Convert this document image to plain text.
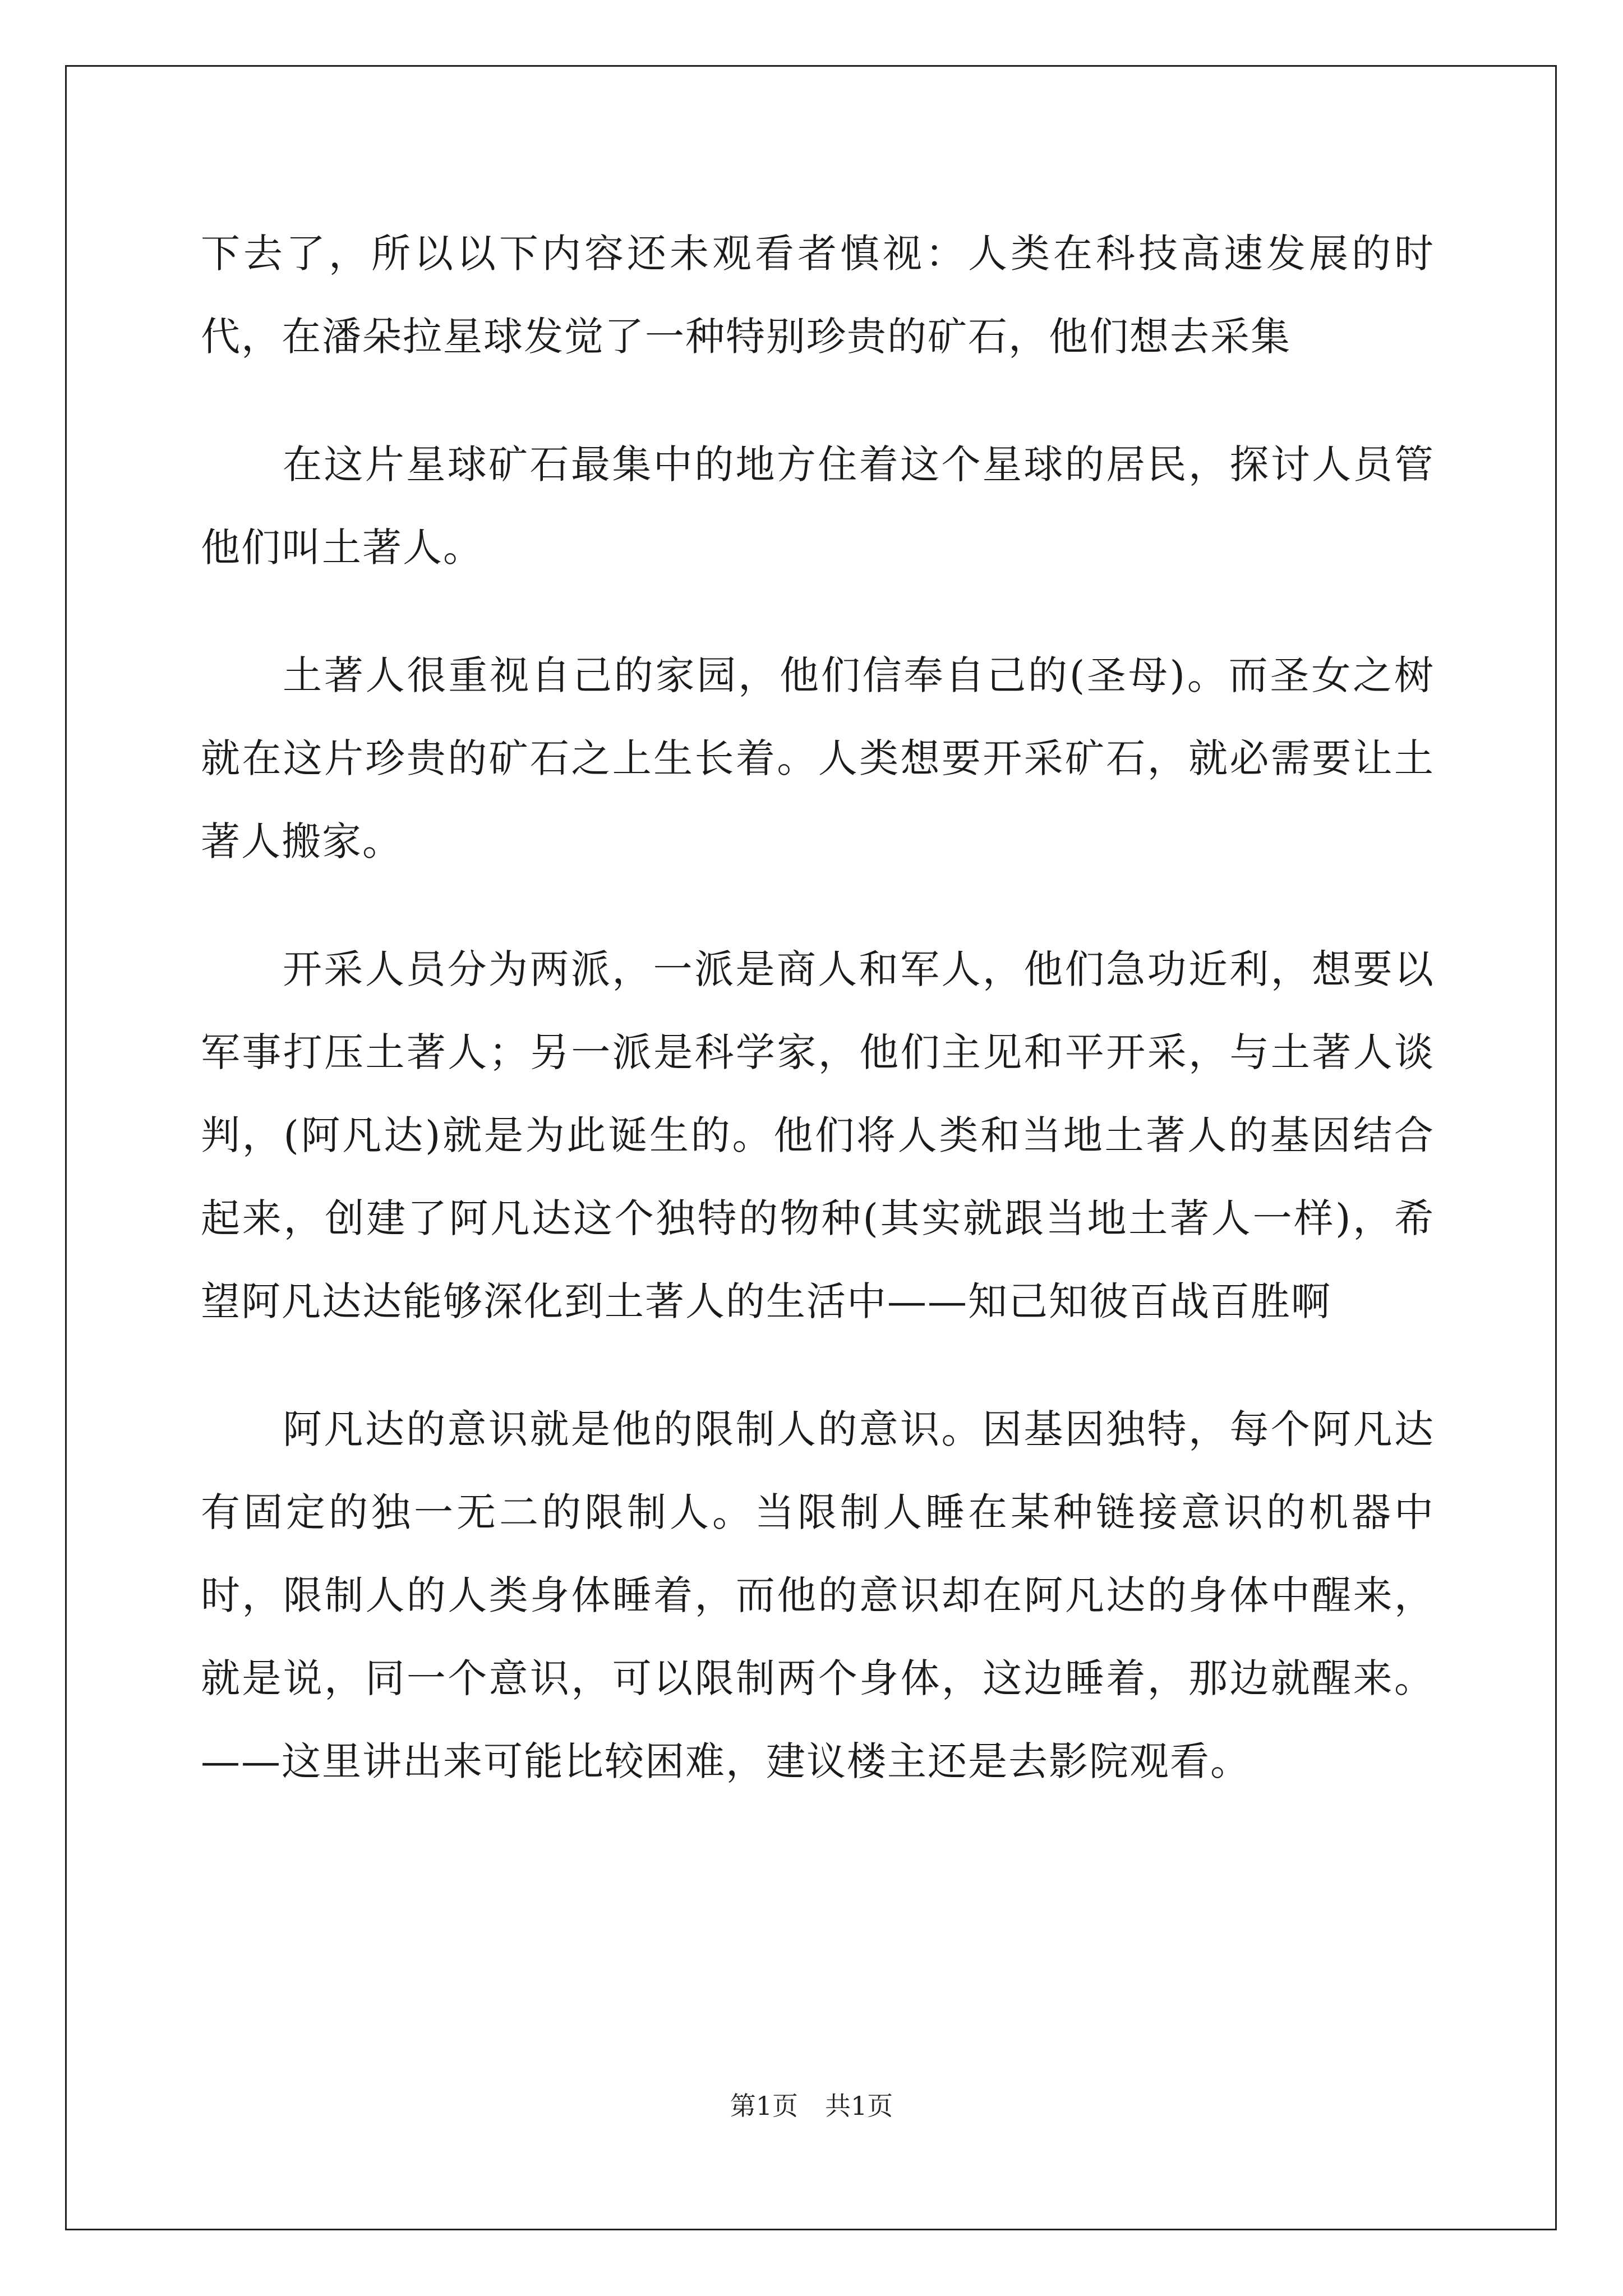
下去了，所以以下内容还未观看者慎视：人类在科技高速发展的时代，在潘朵拉星球发觉了一种特别珍贵的矿石，他们想去采集

在这片星球矿石最集中的地方住着这个星球的居民，探讨人员管他们叫土著人。

土著人很重视自己的家园，他们信奉自己的(圣母)。而圣女之树就在这片珍贵的矿石之上生长着。人类想要开采矿石，就必需要让土著人搬家。

开采人员分为两派，一派是商人和军人，他们急功近利，想要以军事打压土著人；另一派是科学家，他们主见和平开采，与土著人谈判，(阿凡达)就是为此诞生的。他们将人类和当地土著人的基因结合起来，创建了阿凡达这个独特的物种(其实就跟当地土著人一样)，希望阿凡达达能够深化到土著人的生活中——知己知彼百战百胜啊

阿凡达的意识就是他的限制人的意识。因基因独特，每个阿凡达有固定的独一无二的限制人。当限制人睡在某种链接意识的机器中时，限制人的人类身体睡着，而他的意识却在阿凡达的身体中醒来，就是说，同一个意识，可以限制两个身体，这边睡着，那边就醒来。——这里讲出来可能比较困难，建议楼主还是去影院观看。

第1页 共1页
